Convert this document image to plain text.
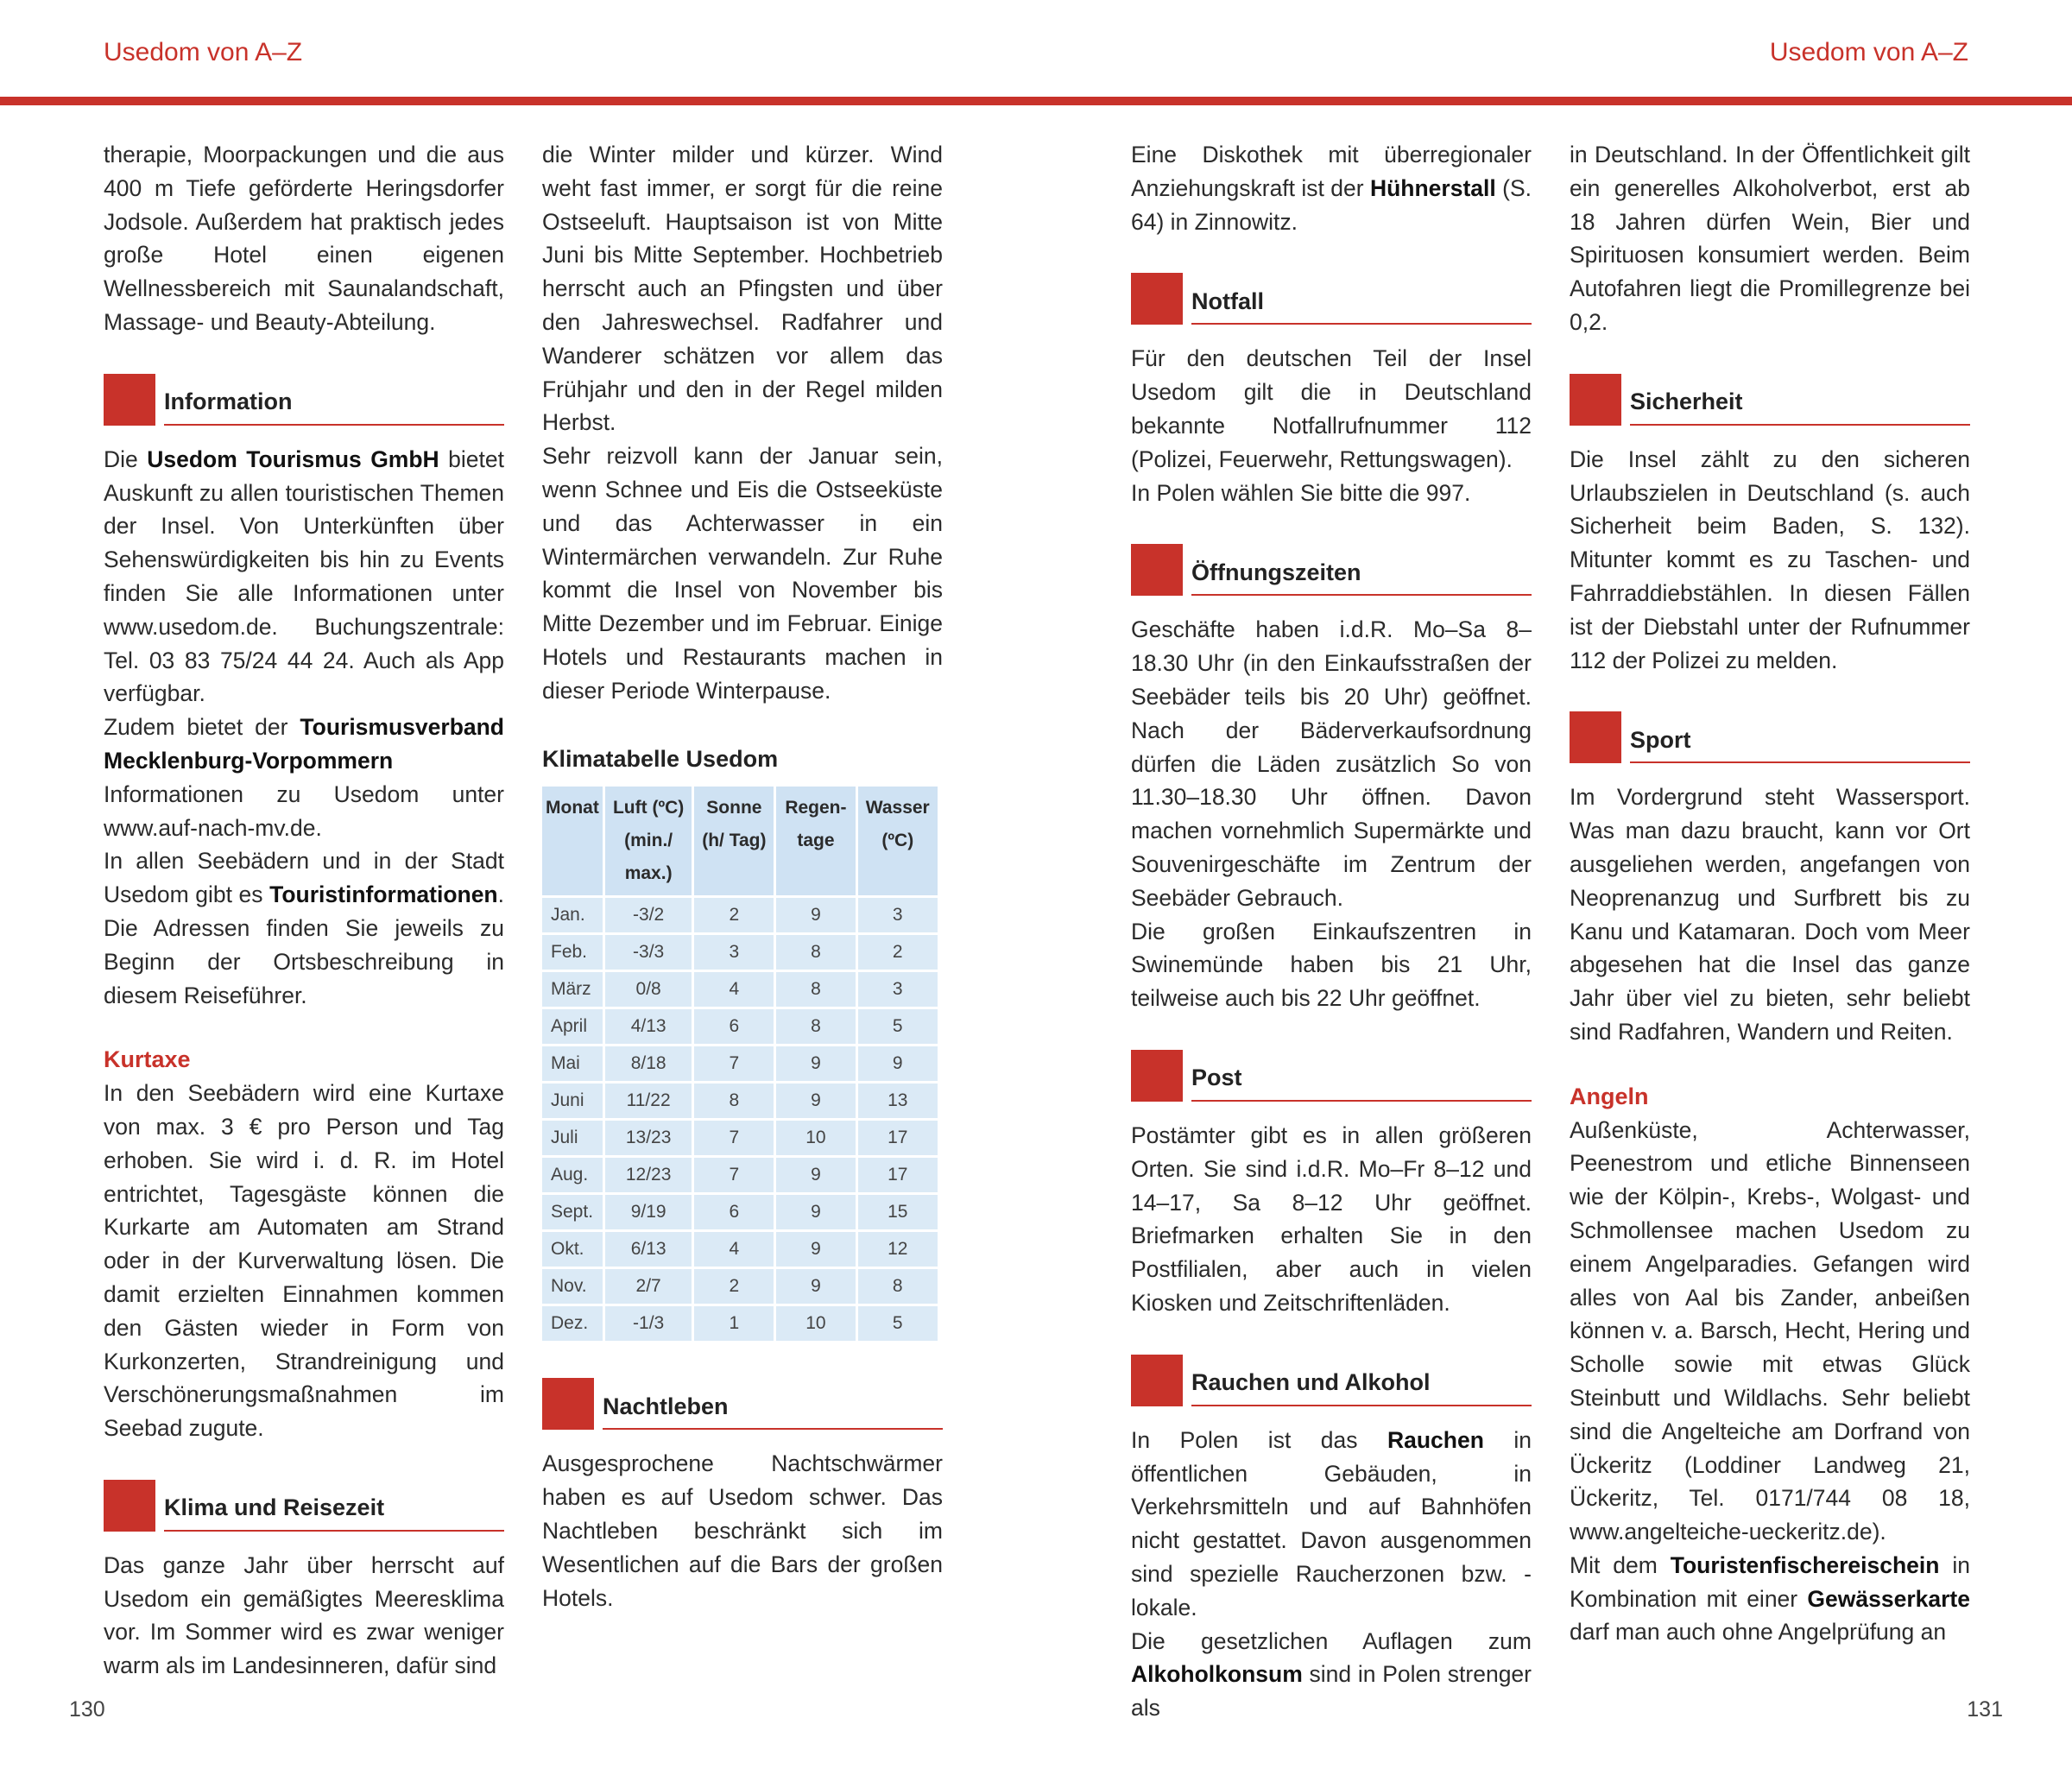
Usedom von A–Z	Usedom von A–Z

therapie, Moorpackungen und die aus 400 m Tiefe geförderte Heringsdorfer Jodsole. Außerdem hat praktisch jedes große Hotel einen eigenen Wellnessbereich mit Saunalandschaft, Massage- und Beauty-Abteilung.

Information

Die Usedom Tourismus GmbH bietet Auskunft zu allen touristischen Themen der Insel. Von Unterkünften über Sehenswürdigkeiten bis hin zu Events finden Sie alle Informationen unter www.usedom.de. Buchungszentrale: Tel. 03 83 75/24 44 24. Auch als App verfügbar.

Zudem bietet der Tourismusverband Mecklenburg-Vorpommern Informationen zu Usedom unter www.auf-nach-mv.de.

In allen Seebädern und in der Stadt Usedom gibt es Touristinformationen. Die Adressen finden Sie jeweils zu Beginn der Ortsbeschreibung in diesem Reiseführer.

Kurtaxe

In den Seebädern wird eine Kurtaxe von max. 3 € pro Person und Tag erhoben. Sie wird i. d. R. im Hotel entrichtet, Tagesgäste können die Kurkarte am Automaten am Strand oder in der Kurverwaltung lösen. Die damit erzielten Einnahmen kommen den Gästen wieder in Form von Kurkonzerten, Strandreinigung und Verschönerungsmaßnahmen im Seebad zugute.

Klima und Reisezeit

Das ganze Jahr über herrscht auf Usedom ein gemäßigtes Meeresklima vor. Im Sommer wird es zwar weniger warm als im Landesinneren, dafür sind

die Winter milder und kürzer. Wind weht fast immer, er sorgt für die reine Ostseeluft. Hauptsaison ist von Mitte Juni bis Mitte September. Hochbetrieb herrscht auch an Pfingsten und über den Jahreswechsel. Radfahrer und Wanderer schätzen vor allem das Frühjahr und den in der Regel milden Herbst.

Sehr reizvoll kann der Januar sein, wenn Schnee und Eis die Ostseeküste und das Achterwasser in ein Wintermärchen verwandeln. Zur Ruhe kommt die Insel von November bis Mitte Dezember und im Februar. Einige Hotels und Restaurants machen in dieser Periode Winterpause.

Klimatabelle Usedom
Monat	Luft (ºC) (min./ max.)	Sonne (h/ Tag)	Regen- tage	Wasser (ºC)
Jan.	-3/2	2	9	3
Feb.	-3/3	3	8	2
März	0/8	4	8	3
April	4/13	6	8	5
Mai	8/18	7	9	9
Juni	11/22	8	9	13
Juli	13/23	7	10	17
Aug.	12/23	7	9	17
Sept.	9/19	6	9	15
Okt.	6/13	4	9	12
Nov.	2/7	2	9	8
Dez.	-1/3	1	10	5
Nachtleben

Ausgesprochene Nachtschwärmer haben es auf Usedom schwer. Das Nachtleben beschränkt sich im Wesentlichen auf die Bars der großen Hotels.

Eine Diskothek mit überregionaler Anziehungskraft ist der Hühnerstall (S. 64) in Zinnowitz.

Notfall

Für den deutschen Teil der Insel Usedom gilt die in Deutschland bekannte Notfallrufnummer 112 (Polizei, Feuerwehr, Rettungswagen).

In Polen wählen Sie bitte die 997.

Öffnungszeiten

Geschäfte haben i.d.R. Mo–Sa 8–18.30 Uhr (in den Einkaufsstraßen der Seebäder teils bis 20 Uhr) geöffnet. Nach der Bäderverkaufsordnung dürfen die Läden zusätzlich So von 11.30–18.30 Uhr öffnen. Davon machen vornehmlich Supermärkte und Souvenirgeschäfte im Zentrum der Seebäder Gebrauch.

Die großen Einkaufszentren in Swinemünde haben bis 21 Uhr, teilweise auch bis 22 Uhr geöffnet.

Post

Postämter gibt es in allen größeren Orten. Sie sind i.d.R. Mo–Fr 8–12 und 14–17, Sa 8–12 Uhr geöffnet. Briefmarken erhalten Sie in den Postfilialen, aber auch in vielen Kiosken und Zeitschriftenläden.

Rauchen und Alkohol

In Polen ist das Rauchen in öffentlichen Gebäuden, in Verkehrsmitteln und auf Bahnhöfen nicht gestattet. Davon ausgenommen sind spezielle Raucherzonen bzw. -lokale.

Die gesetzlichen Auflagen zum Alkoholkonsum sind in Polen strenger als

in Deutschland. In der Öffentlichkeit gilt ein generelles Alkoholverbot, erst ab 18 Jahren dürfen Wein, Bier und Spirituosen konsumiert werden. Beim Autofahren liegt die Promillegrenze bei 0,2.

Sicherheit

Die Insel zählt zu den sicheren Urlaubszielen in Deutschland (s. auch Sicherheit beim Baden, S. 132). Mitunter kommt es zu Taschen- und Fahrraddiebstählen. In diesen Fällen ist der Diebstahl unter der Rufnummer 112 der Polizei zu melden.

Sport

Im Vordergrund steht Wassersport. Was man dazu braucht, kann vor Ort ausgeliehen werden, angefangen von Neoprenanzug und Surfbrett bis zu Kanu und Katamaran. Doch vom Meer abgesehen hat die Insel das ganze Jahr über viel zu bieten, sehr beliebt sind Radfahren, Wandern und Reiten.

Angeln

Außenküste, Achterwasser, Peenestrom und etliche Binnenseen wie der Kölpin-, Krebs-, Wolgast- und Schmollensee machen Usedom zu einem Angelparadies. Gefangen wird alles von Aal bis Zander, anbeißen können v. a. Barsch, Hecht, Hering und Scholle sowie mit etwas Glück Steinbutt und Wildlachs. Sehr beliebt sind die Angelteiche am Dorfrand von Ückeritz (Loddiner Landweg 21, Ückeritz, Tel. 0171/744 08 18, www.angelteiche-ueckeritz.de).

Mit dem Touristenfischereischein in Kombination mit einer Gewässerkarte darf man auch ohne Angelprüfung an

130	131
